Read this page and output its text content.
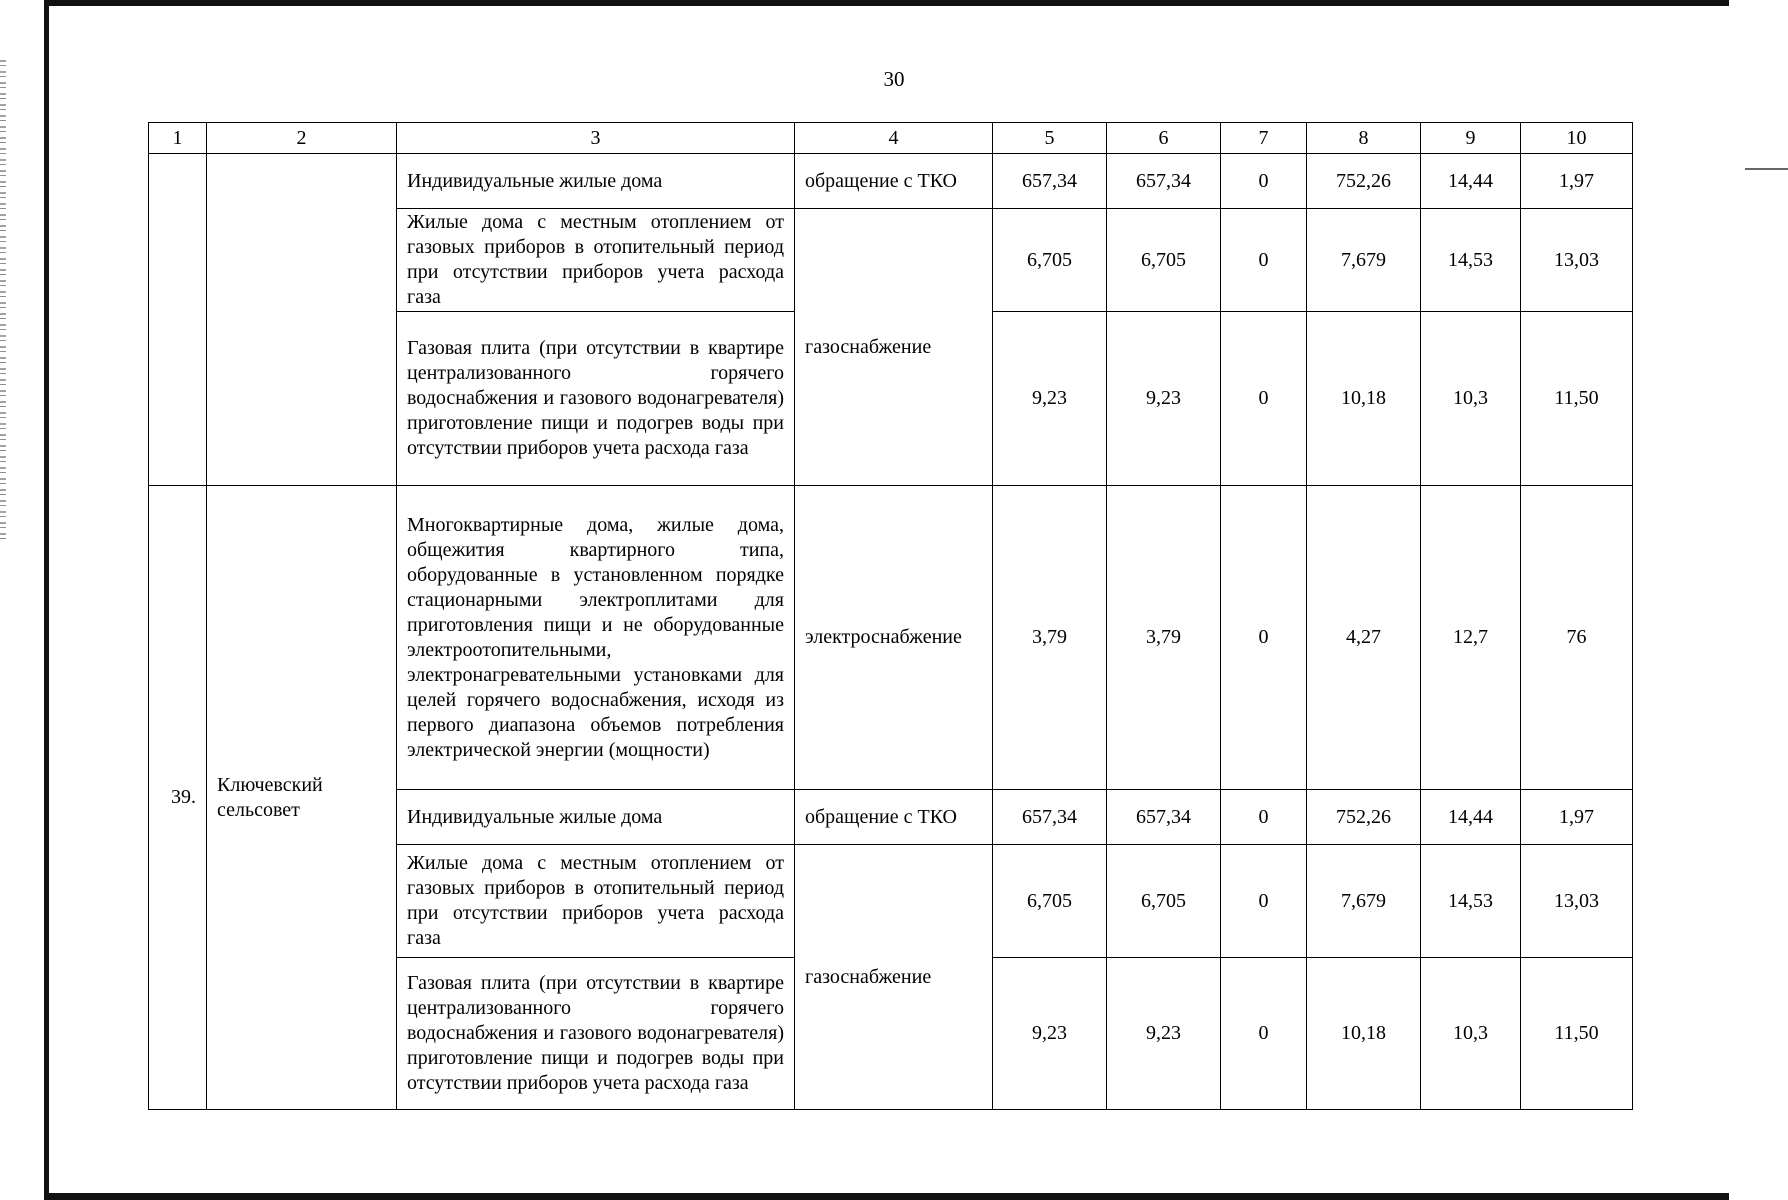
30
1	2	3	4	5	6	7	8	9	10
		Индивидуальные жилые дома	обращение с ТКО	657,34	657,34	0	752,26	14,44	1,97
		Жилые дома с местным отоплением от газовых приборов в отопительный период при отсутствии приборов учета расхода газа	газоснабжение	6,705	6,705	0	7,679	14,53	13,03
		Газовая плита (при отсутствии в квартире централизованного горячего водоснабжения и газового водонагревателя) приготовление пищи и подогрев воды при отсутствии приборов учета расхода газа		9,23	9,23	0	10,18	10,3	11,50
39.	Ключевский сельсовет	Многоквартирные дома, жилые дома, общежития квартирного типа, оборудованные в установленном порядке стационарными электроплитами для приготовления пищи и не оборудованные электроотопительными, электронагревательными установками для целей горячего водоснабжения, исходя из первого диапазона объемов потребления электрической энергии (мощности)	электроснабжение	3,79	3,79	0	4,27	12,7	76
		Индивидуальные жилые дома	обращение с ТКО	657,34	657,34	0	752,26	14,44	1,97
		Жилые дома с местным отоплением от газовых приборов в отопительный период при отсутствии приборов учета расхода газа	газоснабжение	6,705	6,705	0	7,679	14,53	13,03
		Газовая плита (при отсутствии в квартире централизованного горячего водоснабжения и газового водонагревателя) приготовление пищи и подогрев воды при отсутствии приборов учета расхода газа		9,23	9,23	0	10,18	10,3	11,50
